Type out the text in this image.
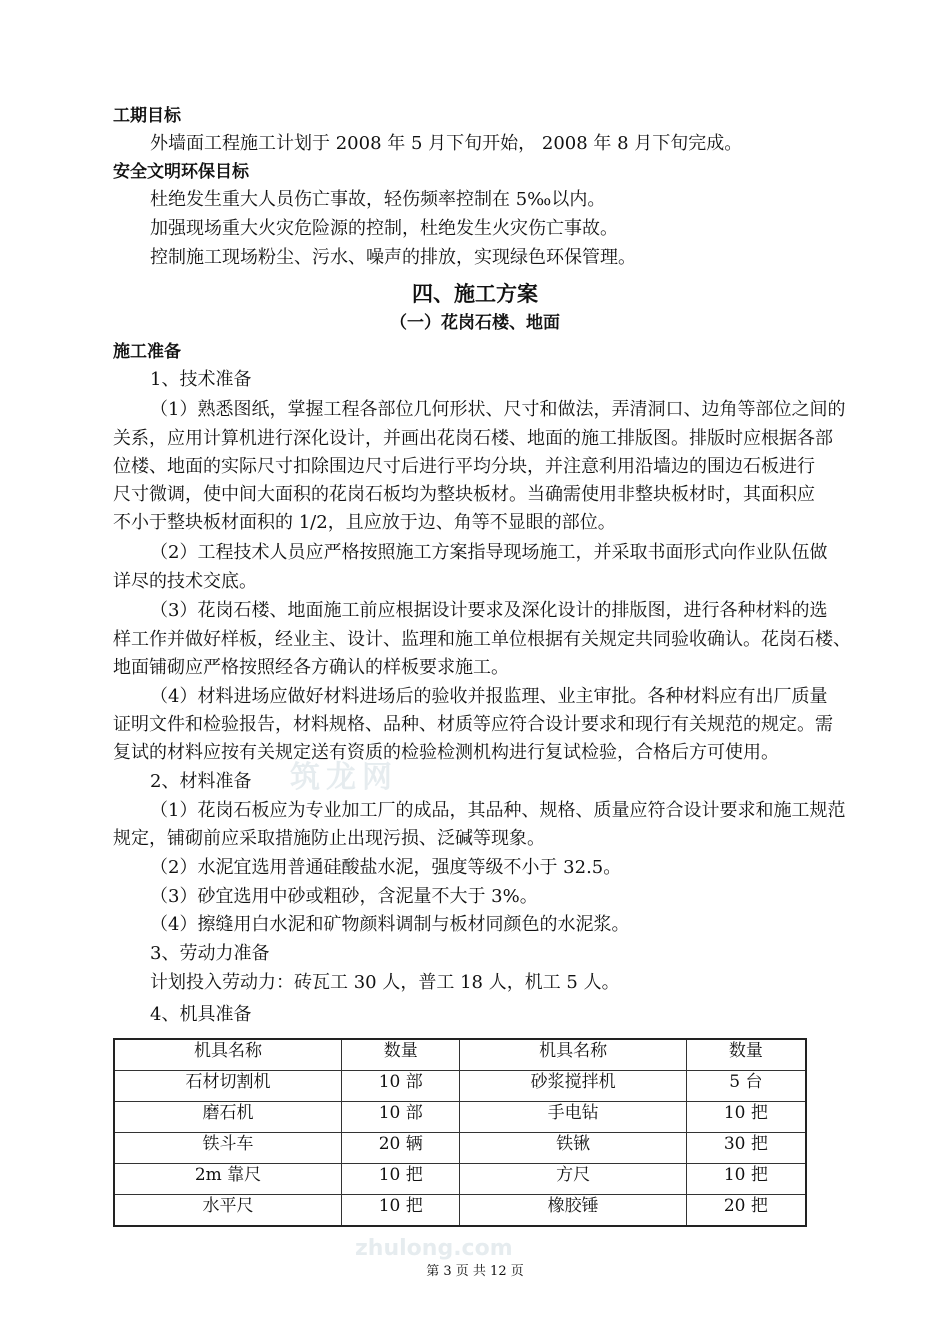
筑龙网
zhulong.com
工期目标
外墙面工程施工计划于 2008 年 5 月下旬开始， 2008 年 8 月下旬完成。
安全文明环保目标
杜绝发生重大人员伤亡事故，轻伤频率控制在 5‰以内。
加强现场重大火灾危险源的控制，杜绝发生火灾伤亡事故。
控制施工现场粉尘、污水、噪声的排放，实现绿色环保管理。
四、施工方案
（一）花岗石楼、地面
施工准备
1、技术准备
（1）熟悉图纸，掌握工程各部位几何形状、尺寸和做法，弄清洞口、边角等部位之间的
关系，应用计算机进行深化设计，并画出花岗石楼、地面的施工排版图。排版时应根据各部
位楼、地面的实际尺寸扣除围边尺寸后进行平均分块，并注意利用沿墙边的围边石板进行
尺寸微调，使中间大面积的花岗石板均为整块板材。当确需使用非整块板材时，其面积应
不小于整块板材面积的 1/2，且应放于边、角等不显眼的部位。
（2）工程技术人员应严格按照施工方案指导现场施工，并采取书面形式向作业队伍做
详尽的技术交底。
（3）花岗石楼、地面施工前应根据设计要求及深化设计的排版图，进行各种材料的选
样工作并做好样板，经业主、设计、监理和施工单位根据有关规定共同验收确认。花岗石楼、
地面铺砌应严格按照经各方确认的样板要求施工。
（4）材料进场应做好材料进场后的验收并报监理、业主审批。各种材料应有出厂质量
证明文件和检验报告，材料规格、品种、材质等应符合设计要求和现行有关规范的规定。需
复试的材料应按有关规定送有资质的检验检测机构进行复试检验，合格后方可使用。
2、材料准备
（1）花岗石板应为专业加工厂的成品，其品种、规格、质量应符合设计要求和施工规范
规定，铺砌前应采取措施防止出现污损、泛碱等现象。
（2）水泥宜选用普通硅酸盐水泥，强度等级不小于 32.5。
（3）砂宜选用中砂或粗砂，含泥量不大于 3%。
（4）擦缝用白水泥和矿物颜料调制与板材同颜色的水泥浆。
3、劳动力准备
计划投入劳动力：砖瓦工 30 人，普工 18 人，机工 5 人。
4、机具准备
机具名称	数量	机具名称	数量
石材切割机	10 部	砂浆搅拌机	5 台
磨石机	10 部	手电钻	10 把
铁斗车	20 辆	铁锹	30 把
2m 靠尺	10 把	方尺	10 把
水平尺	10 把	橡胶锤	20 把
第 3 页 共 12 页
